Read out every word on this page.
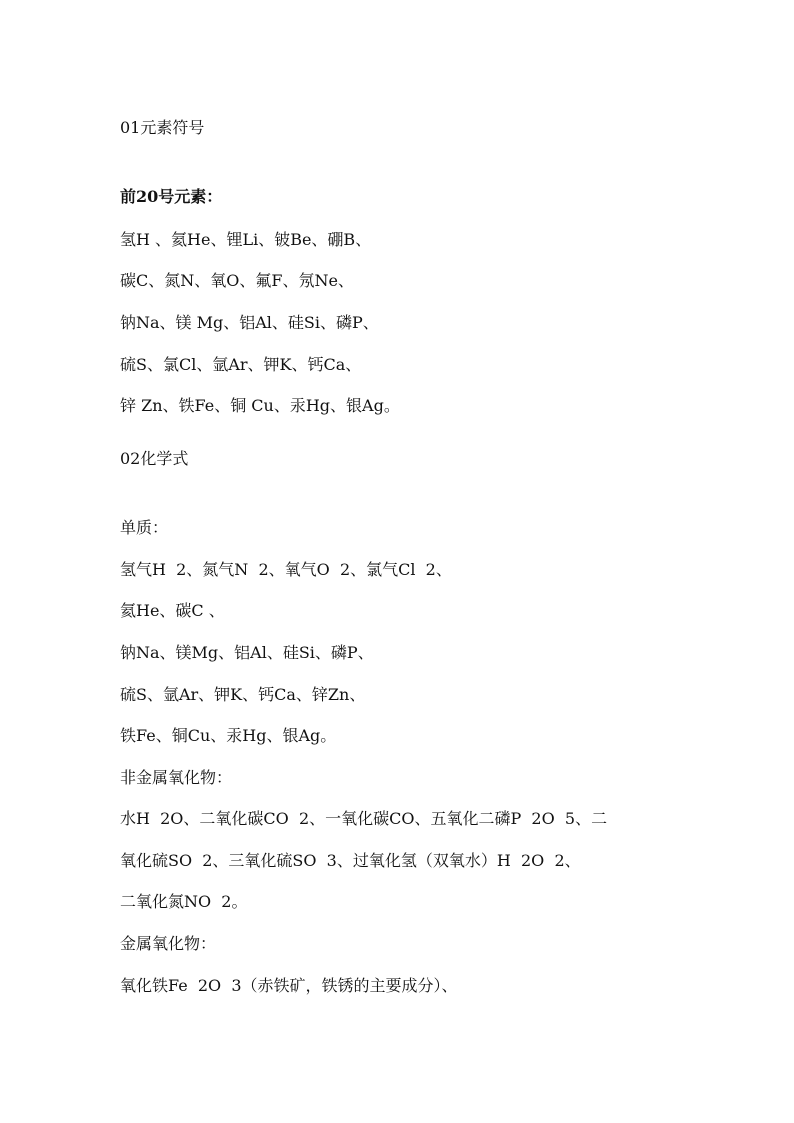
01元素符号
前20号元素：
氢H 、氦He、锂Li、铍Be、硼B、
碳C、氮N、氧O、氟F、氖Ne、
钠Na、镁 Mg、铝Al、硅Si、磷P、
硫S、氯Cl、氩Ar、钾K、钙Ca、
锌 Zn、铁Fe、铜 Cu、汞Hg、银Ag。
02化学式
单质：
氢气H  2、氮气N  2、氧气O  2、氯气Cl  2、
氦He、碳C 、
钠Na、镁Mg、铝Al、硅Si、磷P、
硫S、氩Ar、钾K、钙Ca、锌Zn、
铁Fe、铜Cu、汞Hg、银Ag。
非金属氧化物：
水H  2O、二氧化碳CO  2、一氧化碳CO、五氧化二磷P  2O  5、二
氧化硫SO  2、三氧化硫SO  3、过氧化氢（双氧水）H  2O  2、
二氧化氮NO  2。
金属氧化物：
氧化铁Fe  2O  3（赤铁矿，铁锈的主要成分）、
